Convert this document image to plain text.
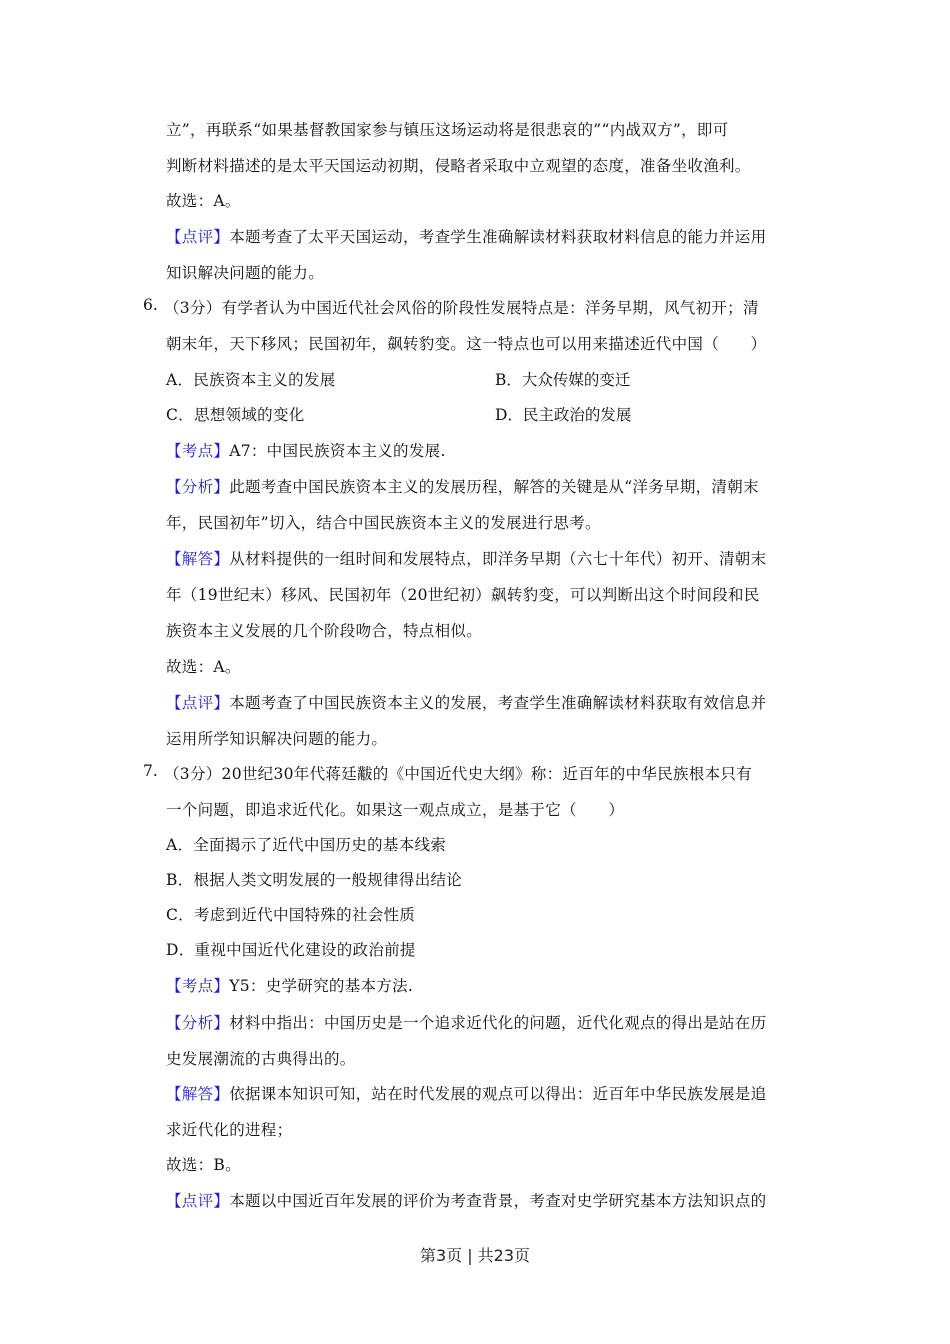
立”，再联系“如果基督教国家参与镇压这场运动将是很悲哀的”“内战双方”，即可
判断材料描述的是太平天国运动初期，侵略者采取中立观望的态度，准备坐收渔利。
故选：A。
【点评】本题考查了太平天国运动，考查学生准确解读材料获取材料信息的能力并运用
知识解决问题的能力。
6. （3分）有学者认为中国近代社会风俗的阶段性发展特点是：洋务早期，风气初开；清
朝末年，天下移风；民国初年，飙转豹变。这一特点也可以用来描述近代中国（　　）
A．民族资本主义的发展	B．大众传媒的变迁
C．思想领域的变化	D．民主政治的发展
【考点】A7：中国民族资本主义的发展.
【分析】此题考查中国民族资本主义的发展历程，解答的关键是从“洋务早期，清朝末
年，民国初年”切入，结合中国民族资本主义的发展进行思考。
【解答】从材料提供的一组时间和发展特点，即洋务早期（六七十年代）初开、清朝末
年（19世纪末）移风、民国初年（20世纪初）飙转豹变，可以判断出这个时间段和民
族资本主义发展的几个阶段吻合，特点相似。
故选：A。
【点评】本题考查了中国民族资本主义的发展，考查学生准确解读材料获取有效信息并
运用所学知识解决问题的能力。
7. （3分）20世纪30年代蒋廷黻的《中国近代史大纲》称：近百年的中华民族根本只有
一个问题，即追求近代化。如果这一观点成立，是基于它（　　）
A．全面揭示了近代中国历史的基本线索
B．根据人类文明发展的一般规律得出结论
C．考虑到近代中国特殊的社会性质
D．重视中国近代化建设的政治前提
【考点】Y5：史学研究的基本方法.
【分析】材料中指出：中国历史是一个追求近代化的问题，近代化观点的得出是站在历
史发展潮流的古典得出的。
【解答】依据课本知识可知，站在时代发展的观点可以得出：近百年中华民族发展是追
求近代化的进程；
故选：B。
【点评】本题以中国近百年发展的评价为考查背景，考查对史学研究基本方法知识点的
第3页 | 共23页
